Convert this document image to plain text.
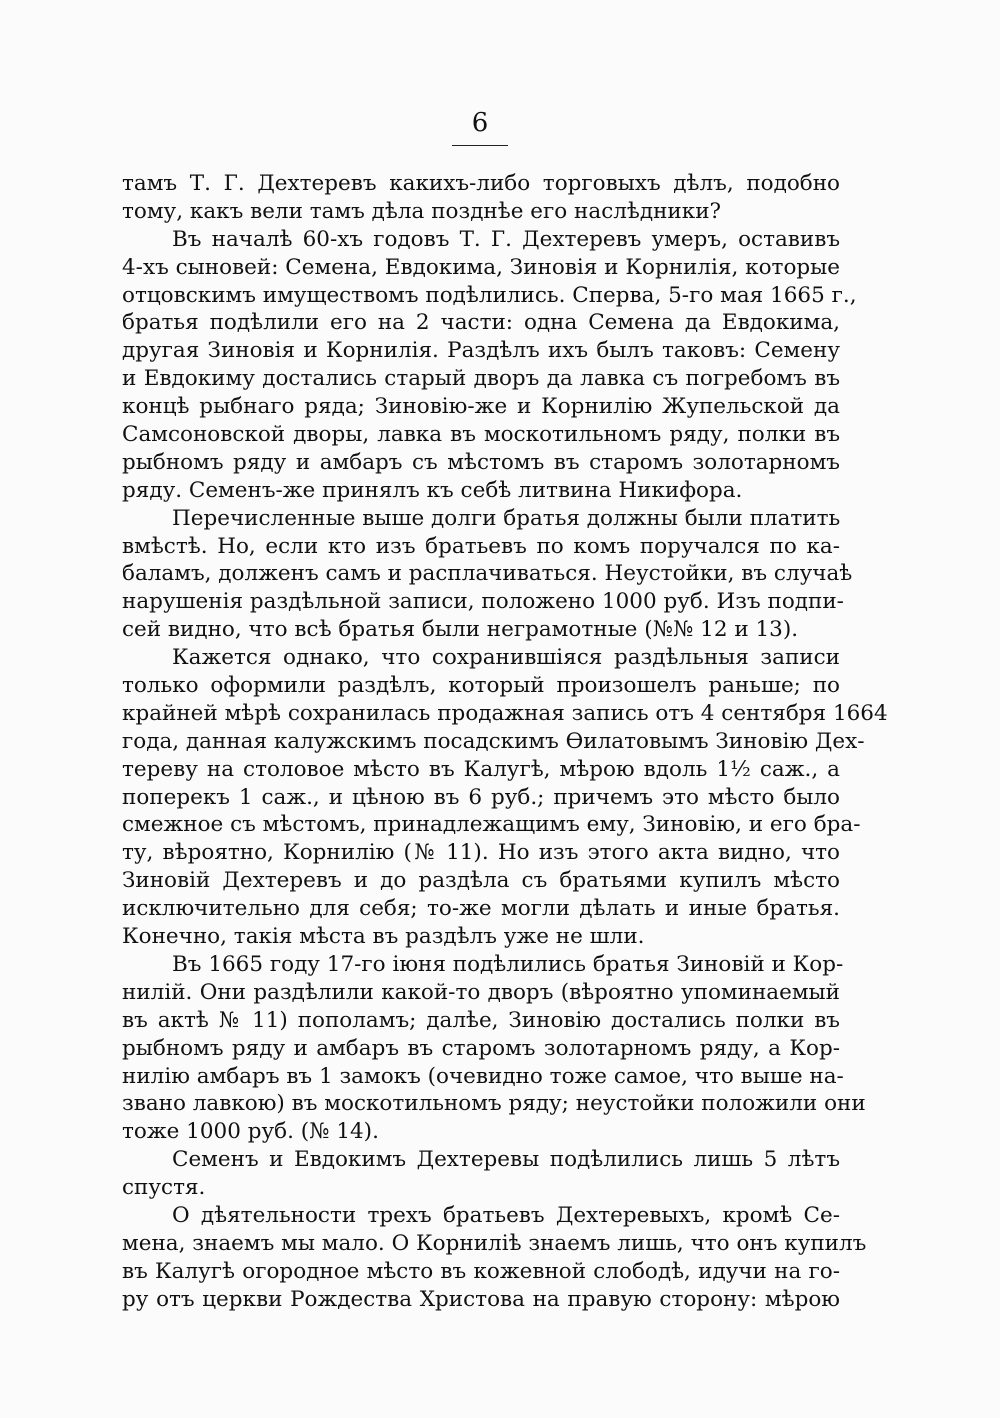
6
тамъ Т. Г. Дехтеревъ какихъ-либо торговыхъ дѣлъ, подобно
тому, какъ вели тамъ дѣла позднѣе его наслѣдники?
Въ началѣ 60-хъ годовъ Т. Г. Дехтеревъ умеръ, оставивъ
4-хъ сыновей: Семена, Евдокима, Зиновія и Корнилія, которые
отцовскимъ имуществомъ подѣлились. Сперва, 5-го мая 1665 г.,
братья подѣлили его на 2 части: одна Семена да Евдокима,
другая Зиновія и Корнилія. Раздѣлъ ихъ былъ таковъ: Семену
и Евдокиму достались старый дворъ да лавка съ погребомъ въ
концѣ рыбнаго ряда; Зиновію-же и Корнилію Жупельской да
Самсоновской дворы, лавка въ москотильномъ ряду, полки въ
рыбномъ ряду и амбаръ съ мѣстомъ въ старомъ золотарномъ
ряду. Семенъ-же принялъ къ себѣ литвина Никифора.
Перечисленные выше долги братья должны были платить
вмѣстѣ. Но, если кто изъ братьевъ по комъ поручался по ка-
баламъ, долженъ самъ и расплачиваться. Неустойки, въ случаѣ
нарушенія раздѣльной записи, положено 1000 руб. Изъ подпи-
сей видно, что всѣ братья были неграмотные (№№ 12 и 13).
Кажется однако, что сохранившіяся раздѣльныя записи
только оформили раздѣлъ, который произошелъ раньше; по
крайней мѣрѣ сохранилась продажная запись отъ 4 сентября 1664
года, данная калужскимъ посадскимъ Ѳилатовымъ Зиновію Дех-
тереву на столовое мѣсто въ Калугѣ, мѣрою вдоль 1½ саж., а
поперекъ 1 саж., и цѣною въ 6 руб.; причемъ это мѣсто было
смежное съ мѣстомъ, принадлежащимъ ему, Зиновію, и его бра-
ту, вѣроятно, Корнилію (№ 11). Но изъ этого акта видно, что
Зиновій Дехтеревъ и до раздѣла съ братьями купилъ мѣсто
исключительно для себя; то-же могли дѣлать и иные братья.
Конечно, такія мѣста въ раздѣлъ уже не шли.
Въ 1665 году 17-го іюня подѣлились братья Зиновій и Кор-
нилій. Они раздѣлили какой-то дворъ (вѣроятно упоминаемый
въ актѣ № 11) пополамъ; далѣе, Зиновію достались полки въ
рыбномъ ряду и амбаръ въ старомъ золотарномъ ряду, а Кор-
нилію амбаръ въ 1 замокъ (очевидно тоже самое, что выше на-
звано лавкою) въ москотильномъ ряду; неустойки положили они
тоже 1000 руб. (№ 14).
Семенъ и Евдокимъ Дехтеревы подѣлились лишь 5 лѣтъ
спустя.
О дѣятельности трехъ братьевъ Дехтеревыхъ, кромѣ Се-
мена, знаемъ мы мало. О Корниліѣ знаемъ лишь, что онъ купилъ
въ Калугѣ огородное мѣсто въ кожевной слободѣ, идучи на го-
ру отъ церкви Рождества Христова на правую сторону: мѣрою
